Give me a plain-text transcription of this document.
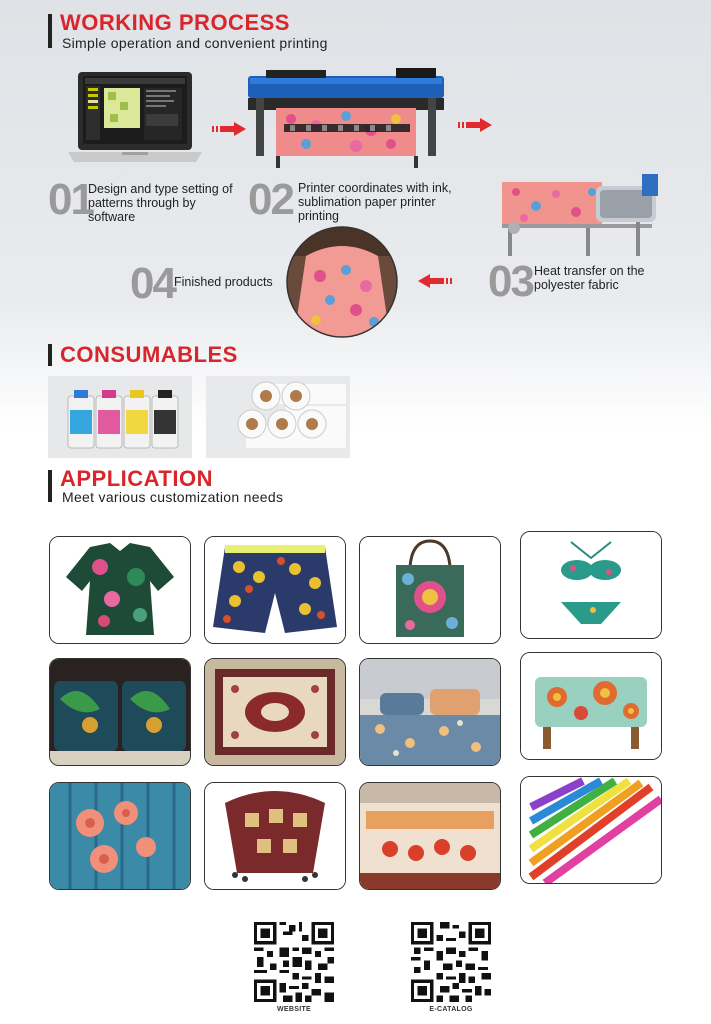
WORKING PROCESS
Simple operation and convenient printing
01
Design and type setting of patterns through by software	02 Printer coordinates with ink, sublimation paper printer printing
03 Heat transfer on the polyester fabric
04 Finished products
CONSUMABLES
APPLICATION
Meet various customization needs
WEBSITE	E-CATALOG
